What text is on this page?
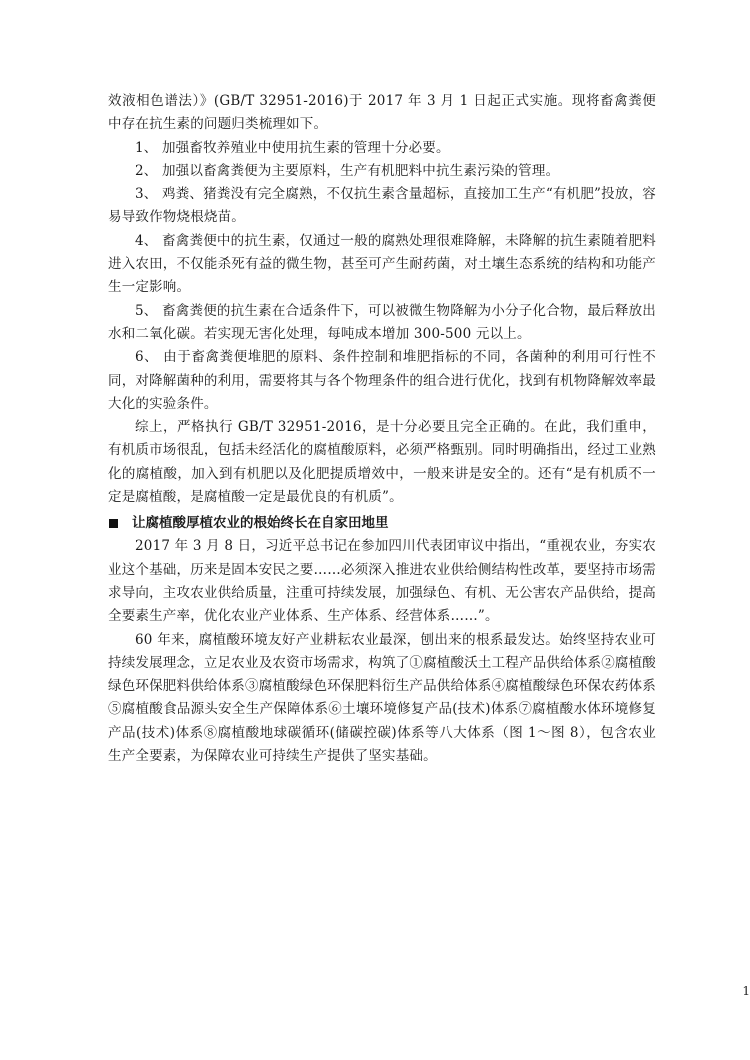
效液相色谱法）》(GB/T 32951-2016)于 2017 年 3 月 1 日起正式实施。现将畜禽粪便中存在抗生素的问题归类梳理如下。

1、 加强畜牧养殖业中使用抗生素的管理十分必要。

2、 加强以畜禽粪便为主要原料，生产有机肥料中抗生素污染的管理。

3、 鸡粪、猪粪没有完全腐熟，不仅抗生素含量超标，直接加工生产“有机肥”投放，容易导致作物烧根烧苗。

4、 畜禽粪便中的抗生素，仅通过一般的腐熟处理很难降解，未降解的抗生素随着肥料进入农田，不仅能杀死有益的微生物，甚至可产生耐药菌，对土壤生态系统的结构和功能产生一定影响。

5、 畜禽粪便的抗生素在合适条件下，可以被微生物降解为小分子化合物，最后释放出水和二氧化碳。若实现无害化处理，每吨成本增加 300-500 元以上。

6、 由于畜禽粪便堆肥的原料、条件控制和堆肥指标的不同，各菌种的利用可行性不同，对降解菌种的利用，需要将其与各个物理条件的组合进行优化，找到有机物降解效率最大化的实验条件。

综上，严格执行 GB/T 32951-2016，是十分必要且完全正确的。在此，我们重申，有机质市场很乱，包括未经活化的腐植酸原料，必须严格甄别。同时明确指出，经过工业熟化的腐植酸，加入到有机肥以及化肥提质增效中，一般来讲是安全的。还有“是有机质不一定是腐植酸，是腐植酸一定是最优良的有机质”。

让腐植酸厚植农业的根始终长在自家田地里

2017 年 3 月 8 日，习近平总书记在参加四川代表团审议中指出，“重视农业，夯实农业这个基础，历来是固本安民之要……必须深入推进农业供给侧结构性改革，要坚持市场需求导向，主攻农业供给质量，注重可持续发展，加强绿色、有机、无公害农产品供给，提高全要素生产率，优化农业产业体系、生产体系、经营体系……”。

60 年来，腐植酸环境友好产业耕耘农业最深，刨出来的根系最发达。始终坚持农业可持续发展理念，立足农业及农资市场需求，构筑了①腐植酸沃土工程产品供给体系②腐植酸绿色环保肥料供给体系③腐植酸绿色环保肥料衍生产品供给体系④腐植酸绿色环保农药体系⑤腐植酸食品源头安全生产保障体系⑥土壤环境修复产品(技术)体系⑦腐植酸水体环境修复产品(技术)体系⑧腐植酸地球碳循环(储碳控碳)体系等八大体系（图 1～图 8），包含农业生产全要素，为保障农业可持续生产提供了坚实基础。

1
